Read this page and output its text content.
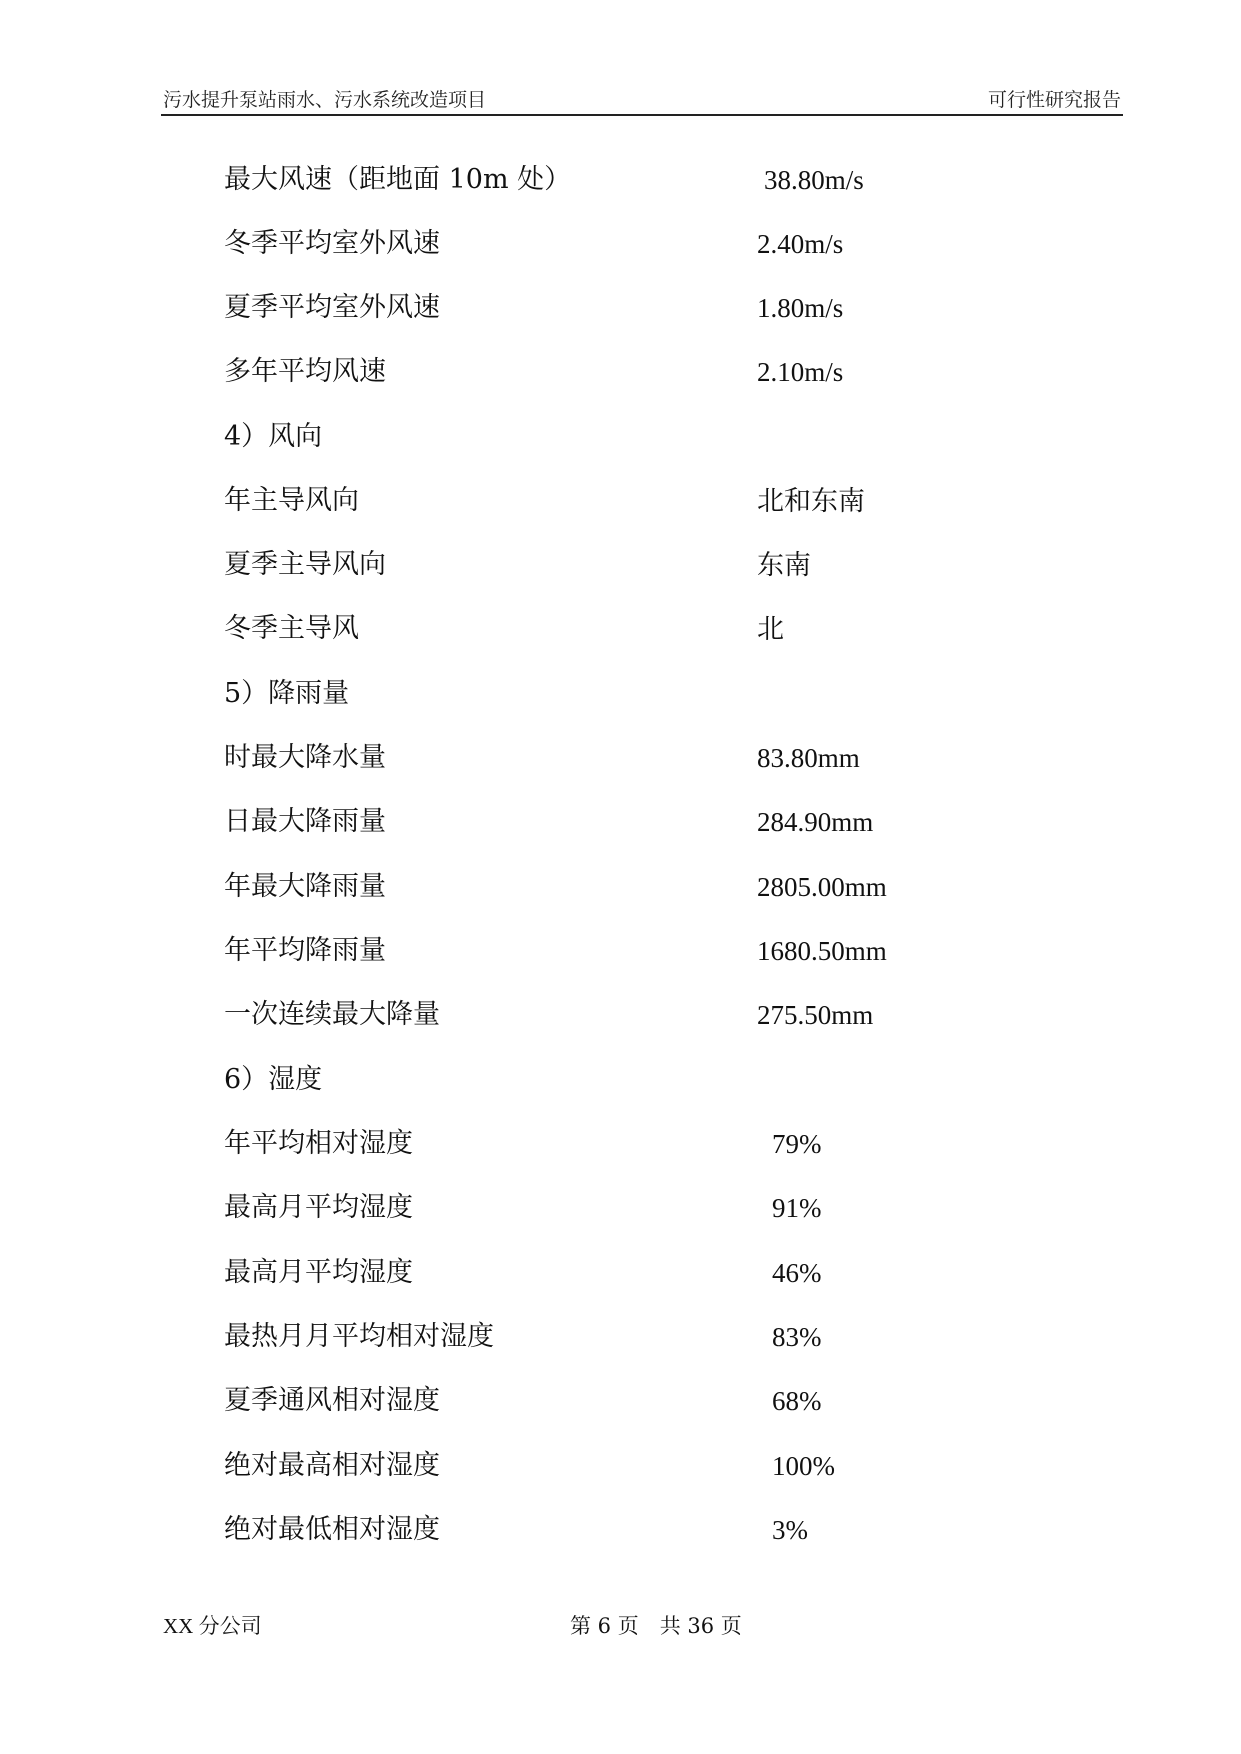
污水提升泵站雨水、污水系统改造项目	可行性研究报告
最大风速（距地面 10m 处）	38.80m/s
冬季平均室外风速	2.40m/s
夏季平均室外风速	1.80m/s
多年平均风速	2.10m/s
4）风向
年主导风向	北和东南
夏季主导风向	东南
冬季主导风	北
5）降雨量
时最大降水量	83.80mm
日最大降雨量	284.90mm
年最大降雨量	2805.00mm
年平均降雨量	1680.50mm
一次连续最大降量	275.50mm
6）湿度
年平均相对湿度	79%
最高月平均湿度	91%
最高月平均湿度	46%
最热月月平均相对湿度	83%
夏季通风相对湿度	68%
绝对最高相对湿度	100%
绝对最低相对湿度	3%
XX 分公司	第 6 页　共 36 页
